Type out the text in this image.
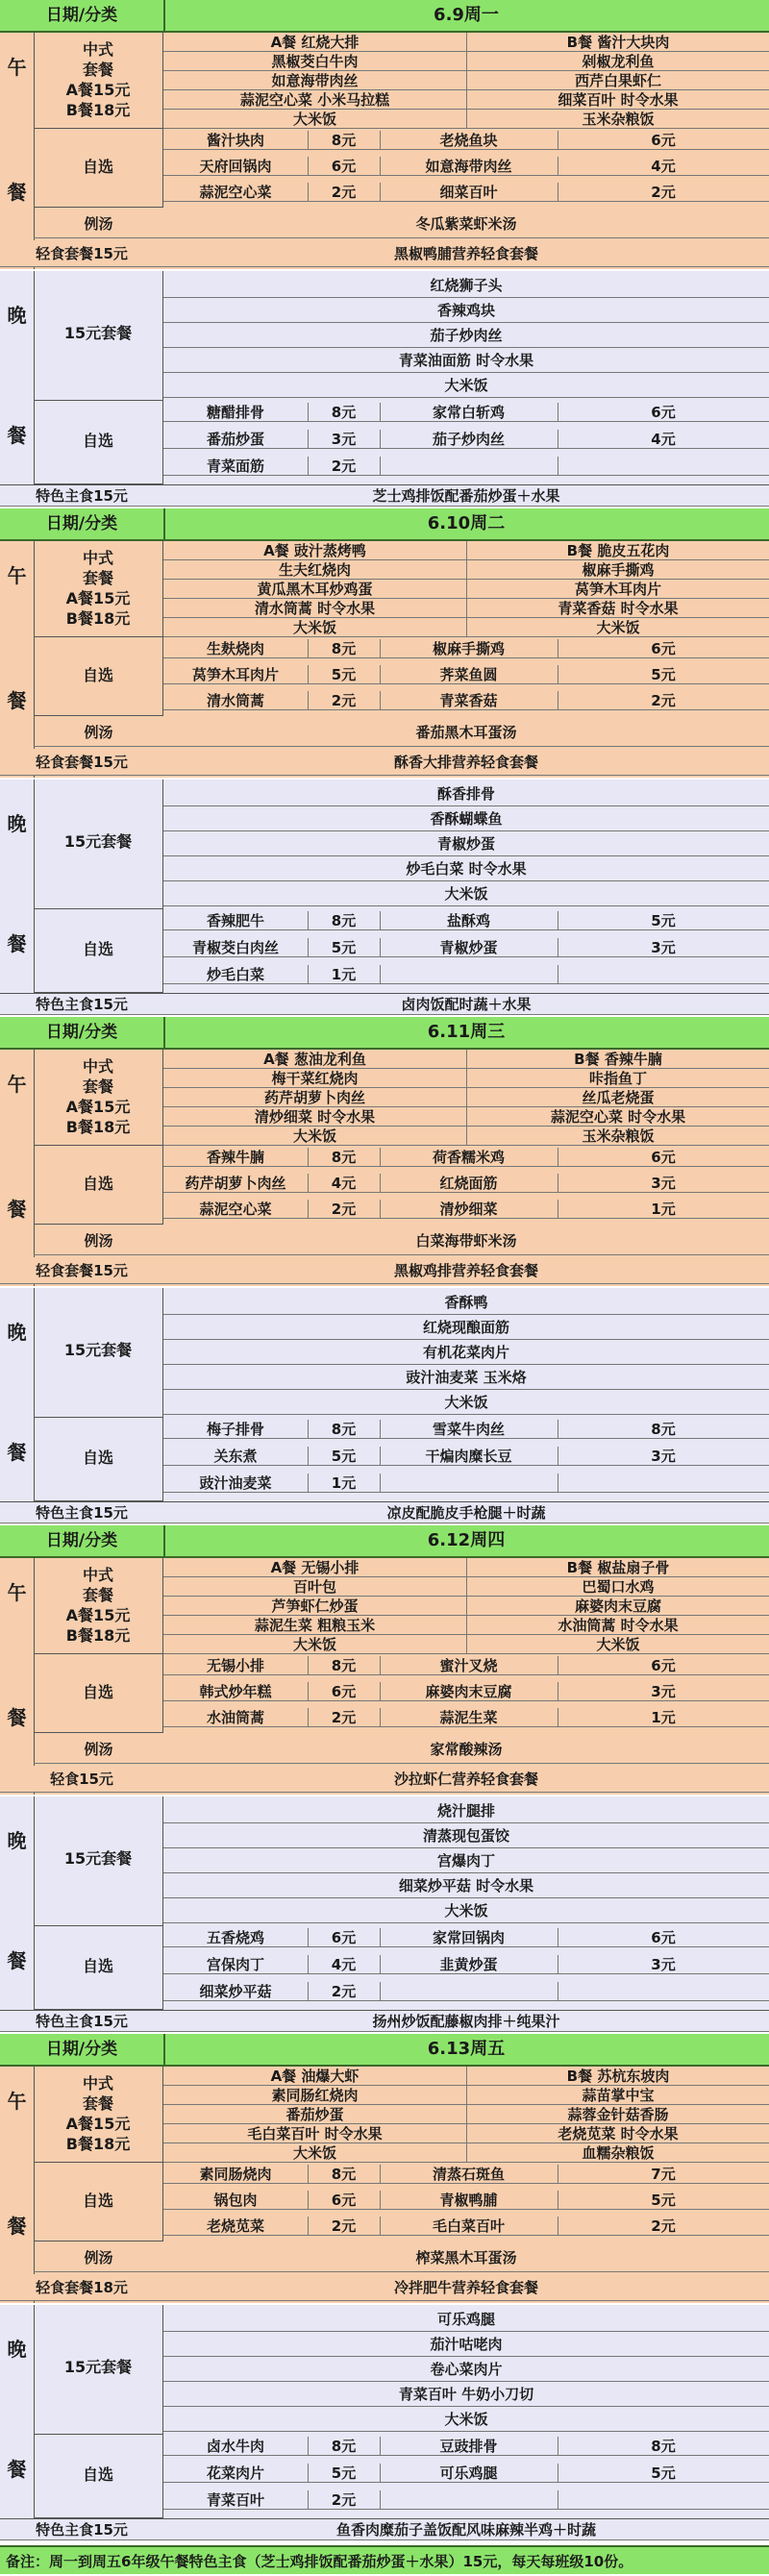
日期/分类	6.9周一
午
餐
中式
套餐
A餐15元
B餐18元
A餐 红烧大排	B餐 酱汁大块肉
黑椒茭白牛肉	剁椒龙利鱼
如意海带肉丝	西芹白果虾仁
蒜泥空心菜 小米马拉糕	细菜百叶 时令水果
大米饭	玉米杂粮饭
自选
酱汁块肉	8元	老烧鱼块	6元
天府回锅肉	6元	如意海带肉丝	4元
蒜泥空心菜	2元	细菜百叶	2元
例汤	冬瓜紫菜虾米汤
轻食套餐15元	黑椒鸭脯营养轻食套餐
晚
餐
15元套餐
红烧狮子头
香辣鸡块
茄子炒肉丝
青菜油面筋 时令水果
大米饭
自选
糖醋排骨	8元	家常白斩鸡	6元
番茄炒蛋	3元	茄子炒肉丝	4元
青菜面筋	2元
特色主食15元	芝士鸡排饭配番茄炒蛋＋水果
日期/分类	6.10周二
午
餐
中式
套餐
A餐15元
B餐18元
A餐 豉汁蒸烤鸭	B餐 脆皮五花肉
生夫红烧肉	椒麻手撕鸡
黄瓜黑木耳炒鸡蛋	莴笋木耳肉片
清水筒蒿 时令水果	青菜香菇 时令水果
大米饭	大米饭
自选
生麸烧肉	8元	椒麻手撕鸡	6元
莴笋木耳肉片	5元	荠菜鱼圆	5元
清水筒蒿	2元	青菜香菇	2元
例汤	番茄黑木耳蛋汤
轻食套餐15元	酥香大排营养轻食套餐
晚
餐
15元套餐
酥香排骨
香酥蝴蝶鱼
青椒炒蛋
炒毛白菜 时令水果
大米饭
自选
香辣肥牛	8元	盐酥鸡	5元
青椒茭白肉丝	5元	青椒炒蛋	3元
炒毛白菜	1元
特色主食15元	卤肉饭配时蔬＋水果
日期/分类	6.11周三
午
餐
中式
套餐
A餐15元
B餐18元
A餐 葱油龙利鱼	B餐 香辣牛腩
梅干菜红烧肉	咔指鱼丁
药芹胡萝卜肉丝	丝瓜老烧蛋
清炒细菜 时令水果	蒜泥空心菜 时令水果
大米饭	玉米杂粮饭
自选
香辣牛腩	8元	荷香糯米鸡	6元
药芹胡萝卜肉丝	4元	红烧面筋	3元
蒜泥空心菜	2元	清炒细菜	1元
例汤	白菜海带虾米汤
轻食套餐15元	黑椒鸡排营养轻食套餐
晚
餐
15元套餐
香酥鸭
红烧现酿面筋
有机花菜肉片
豉汁油麦菜 玉米烙
大米饭
自选
梅子排骨	8元	雪菜牛肉丝	8元
关东煮	5元	干煸肉糜长豆	3元
豉汁油麦菜	1元
特色主食15元	凉皮配脆皮手枪腿＋时蔬
日期/分类	6.12周四
午
餐
中式
套餐
A餐15元
B餐18元
A餐 无锡小排	B餐 椒盐扇子骨
百叶包	巴蜀口水鸡
芦笋虾仁炒蛋	麻婆肉末豆腐
蒜泥生菜 粗粮玉米	水油筒蒿 时令水果
大米饭	大米饭
自选
无锡小排	8元	蜜汁叉烧	6元
韩式炒年糕	6元	麻婆肉末豆腐	3元
水油筒蒿	2元	蒜泥生菜	1元
例汤	家常酸辣汤
轻食15元	沙拉虾仁营养轻食套餐
晚
餐
15元套餐
烧汁腿排
清蒸现包蛋饺
宫爆肉丁
细菜炒平菇 时令水果
大米饭
自选
五香烧鸡	6元	家常回锅肉	6元
宫保肉丁	4元	韭黄炒蛋	3元
细菜炒平菇	2元
特色主食15元	扬州炒饭配藤椒肉排＋纯果汁
日期/分类	6.13周五
午
餐
中式
套餐
A餐15元
B餐18元
A餐 油爆大虾	B餐 苏杭东坡肉
素同肠红烧肉	蒜苗掌中宝
番茄炒蛋	蒜蓉金针菇香肠
毛白菜百叶 时令水果	老烧苋菜 时令水果
大米饭	血糯杂粮饭
自选
素同肠烧肉	8元	清蒸石斑鱼	7元
锅包肉	6元	青椒鸭脯	5元
老烧苋菜	2元	毛白菜百叶	2元
例汤	榨菜黑木耳蛋汤
轻食套餐18元	冷拌肥牛营养轻食套餐
晚
餐
15元套餐
可乐鸡腿
茄汁咕咾肉
卷心菜肉片
青菜百叶 牛奶小刀切
大米饭
自选
卤水牛肉	8元	豆豉排骨	8元
花菜肉片	5元	可乐鸡腿	5元
青菜百叶	2元
特色主食15元	鱼香肉糜茄子盖饭配风味麻辣半鸡＋时蔬
备注：周一到周五6年级午餐特色主食（芝士鸡排饭配番茄炒蛋＋水果）15元，每天每班级10份。
